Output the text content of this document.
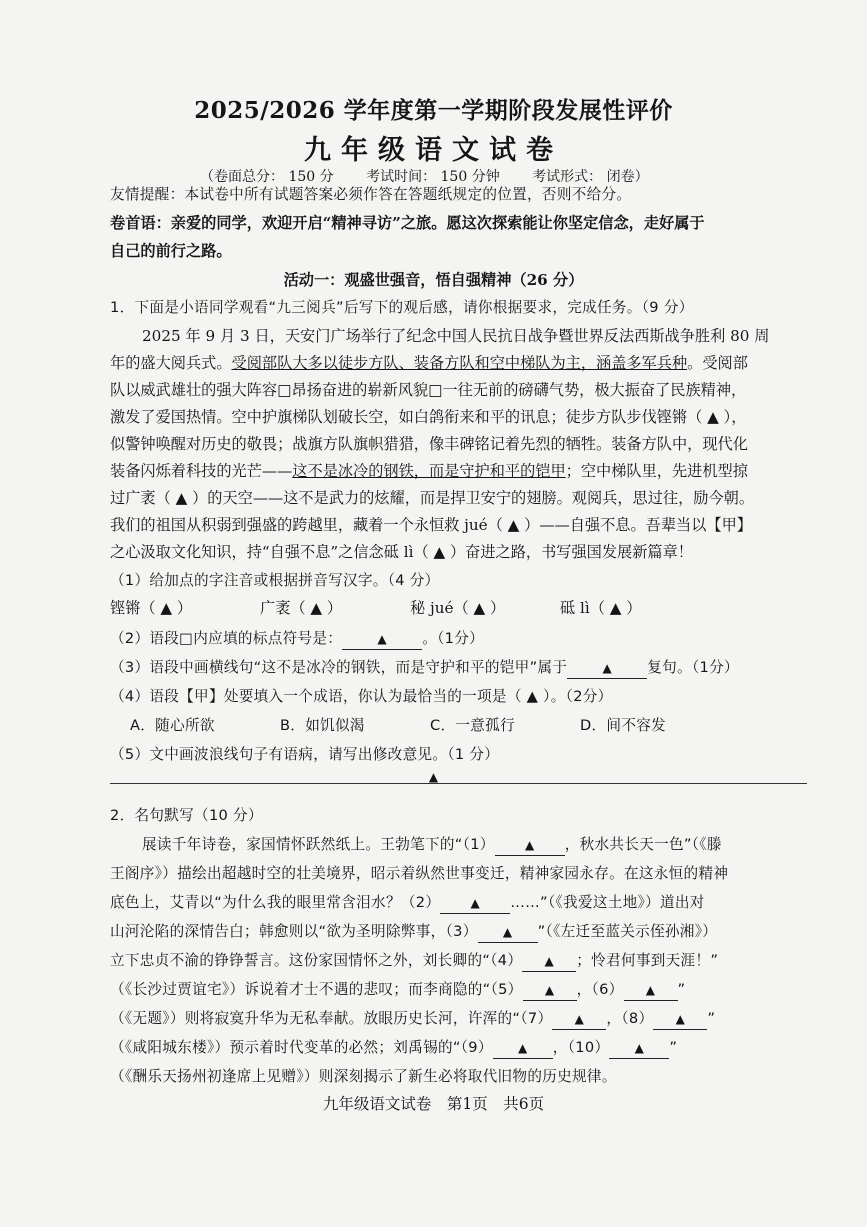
2025/2026 学年度第一学期阶段发展性评价
九年级语文试卷
（卷面总分： 150 分 考试时间： 150 分钟 考试形式： 闭卷）
友情提醒：本试卷中所有试题答案必须作答在答题纸规定的位置，否则不给分。
卷首语：亲爱的同学，欢迎开启“精神寻访”之旅。愿这次探索能让你坚定信念，走好属于
自己的前行之路。
活动一：观盛世强音，悟自强精神（26 分）
1．下面是小语同学观看“九三阅兵”后写下的观后感，请你根据要求，完成任务。（9 分）
2025 年 9 月 3 日，天安门广场举行了纪念中国人民抗日战争暨世界反法西斯战争胜利 80 周
年的盛大阅兵式。受阅部队大多以徒步方队、装备方队和空中梯队为主，涵盖多军兵种。受阅部
队以威武雄壮的强大阵容□昂扬奋进的崭新风貌□一往无前的磅礴气势，极大振奋了民族精神，
激发了爱国热情。空中护旗梯队划破长空，如白鸽衔来和平的讯息；徒步方队步伐铿锵（ ▲ ），
似警钟唤醒对历史的敬畏；战旗方队旗帜猎猎，像丰碑铭记着先烈的牺牲。装备方队中，现代化
装备闪烁着科技的光芒——这不是冰冷的钢铁，而是守护和平的铠甲；空中梯队里，先进机型掠
过广袤（ ▲ ）的天空——这不是武力的炫耀，而是捍卫安宁的翅膀。观阅兵，思过往，励今朝。
我们的祖国从积弱到强盛的跨越里，藏着一个永恒救 jué（ ▲ ）——自强不息。吾辈当以【甲】
之心汲取文化知识，持“自强不息”之信念砥 lì（ ▲ ）奋进之路，书写强国发展新篇章！
（1）给加点的字注音或根据拼音写汉字。（4 分）
铿锵（ ▲ ）	广袤（ ▲ ）	秘 jué（ ▲ ）	砥 lì（ ▲ ）
（2）语段□内应填的标点符号是：	▲ 。（1分）
（3）语段中画横线句“这不是冰冷的钢铁，而是守护和平的铠甲”属于	▲ 复句。（1分）
（4）语段【甲】处要填入一个成语，你认为最恰当的一项是（ ▲ ）。（2分）
A．随心所欲	B．如饥似渴	C．一意孤行	D．间不容发
（5）文中画波浪线句子有语病，请写出修改意见。（1 分）
▲
2．名句默写（10 分）
展读千年诗卷，家国情怀跃然纸上。王勃笔下的“（1）	▲ ，秋水共长天一色”（《滕
王阁序》）描绘出超越时空的壮美境界，昭示着纵然世事变迁，精神家园永存。在这永恒的精神
底色上，艾青以“为什么我的眼里常含泪水？（2）	▲ ……”（《我爱这土地》）道出对
山河沦陷的深情告白；韩愈则以“欲为圣明除弊事，（3） ▲ ”（《左迁至蓝关示侄孙湘》）
立下忠贞不渝的铮铮誓言。这份家国情怀之外，刘长卿的“（4） ▲ ；怜君何事到天涯！”
（《长沙过贾谊宅》）诉说着才士不遇的悲叹；而李商隐的“（5） ▲ ，（6） ▲ ”
（《无题》）则将寂寞升华为无私奉献。放眼历史长河，许浑的“（7） ▲ ，（8） ▲ ”
（《咸阳城东楼》）预示着时代变革的必然；刘禹锡的“（9） ▲ ，（10） ▲ ”
（《酬乐天扬州初逢席上见赠》）则深刻揭示了新生必将取代旧物的历史规律。
九年级语文试卷　第1页　共6页
